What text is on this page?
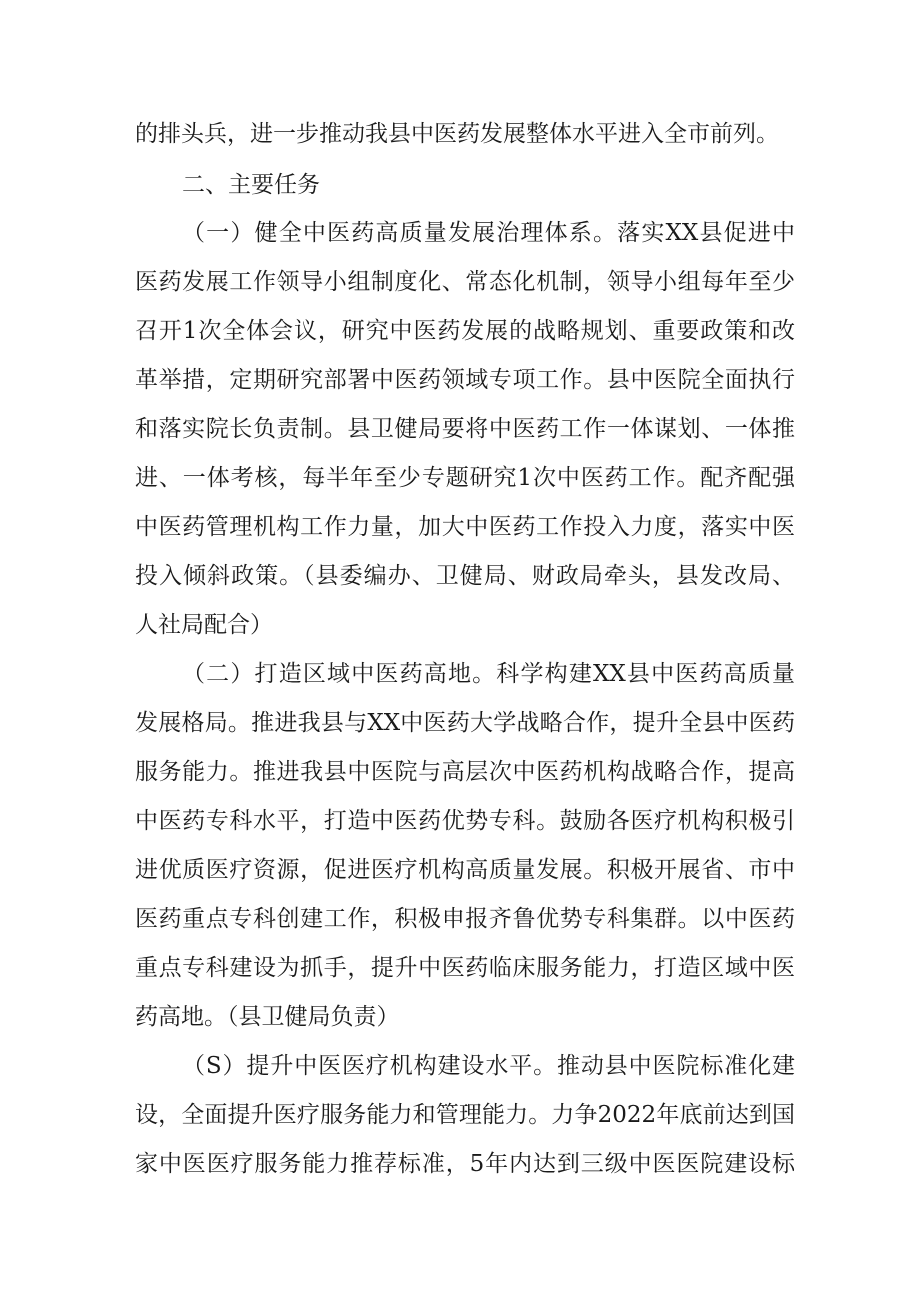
的排头兵，进一步推动我县中医药发展整体水平进入全市前列。
二、主要任务
（一）健全中医药高质量发展治理体系。落实XX县促进中
医药发展工作领导小组制度化、常态化机制，领导小组每年至少
召开1次全体会议，研究中医药发展的战略规划、重要政策和改
革举措，定期研究部署中医药领域专项工作。县中医院全面执行
和落实院长负责制。县卫健局要将中医药工作一体谋划、一体推
进、一体考核，每半年至少专题研究1次中医药工作。配齐配强
中医药管理机构工作力量，加大中医药工作投入力度，落实中医
投入倾斜政策。（县委编办、卫健局、财政局牵头，县发改局、
人社局配合）
（二）打造区域中医药高地。科学构建XX县中医药高质量
发展格局。推进我县与XX中医药大学战略合作，提升全县中医药
服务能力。推进我县中医院与高层次中医药机构战略合作，提高
中医药专科水平，打造中医药优势专科。鼓励各医疗机构积极引
进优质医疗资源，促进医疗机构高质量发展。积极开展省、市中
医药重点专科创建工作，积极申报齐鲁优势专科集群。以中医药
重点专科建设为抓手，提升中医药临床服务能力，打造区域中医
药高地。（县卫健局负责）
（S）提升中医医疗机构建设水平。推动县中医院标准化建
设，全面提升医疗服务能力和管理能力。力争2022年底前达到国
家中医医疗服务能力推荐标准，5年内达到三级中医医院建设标
